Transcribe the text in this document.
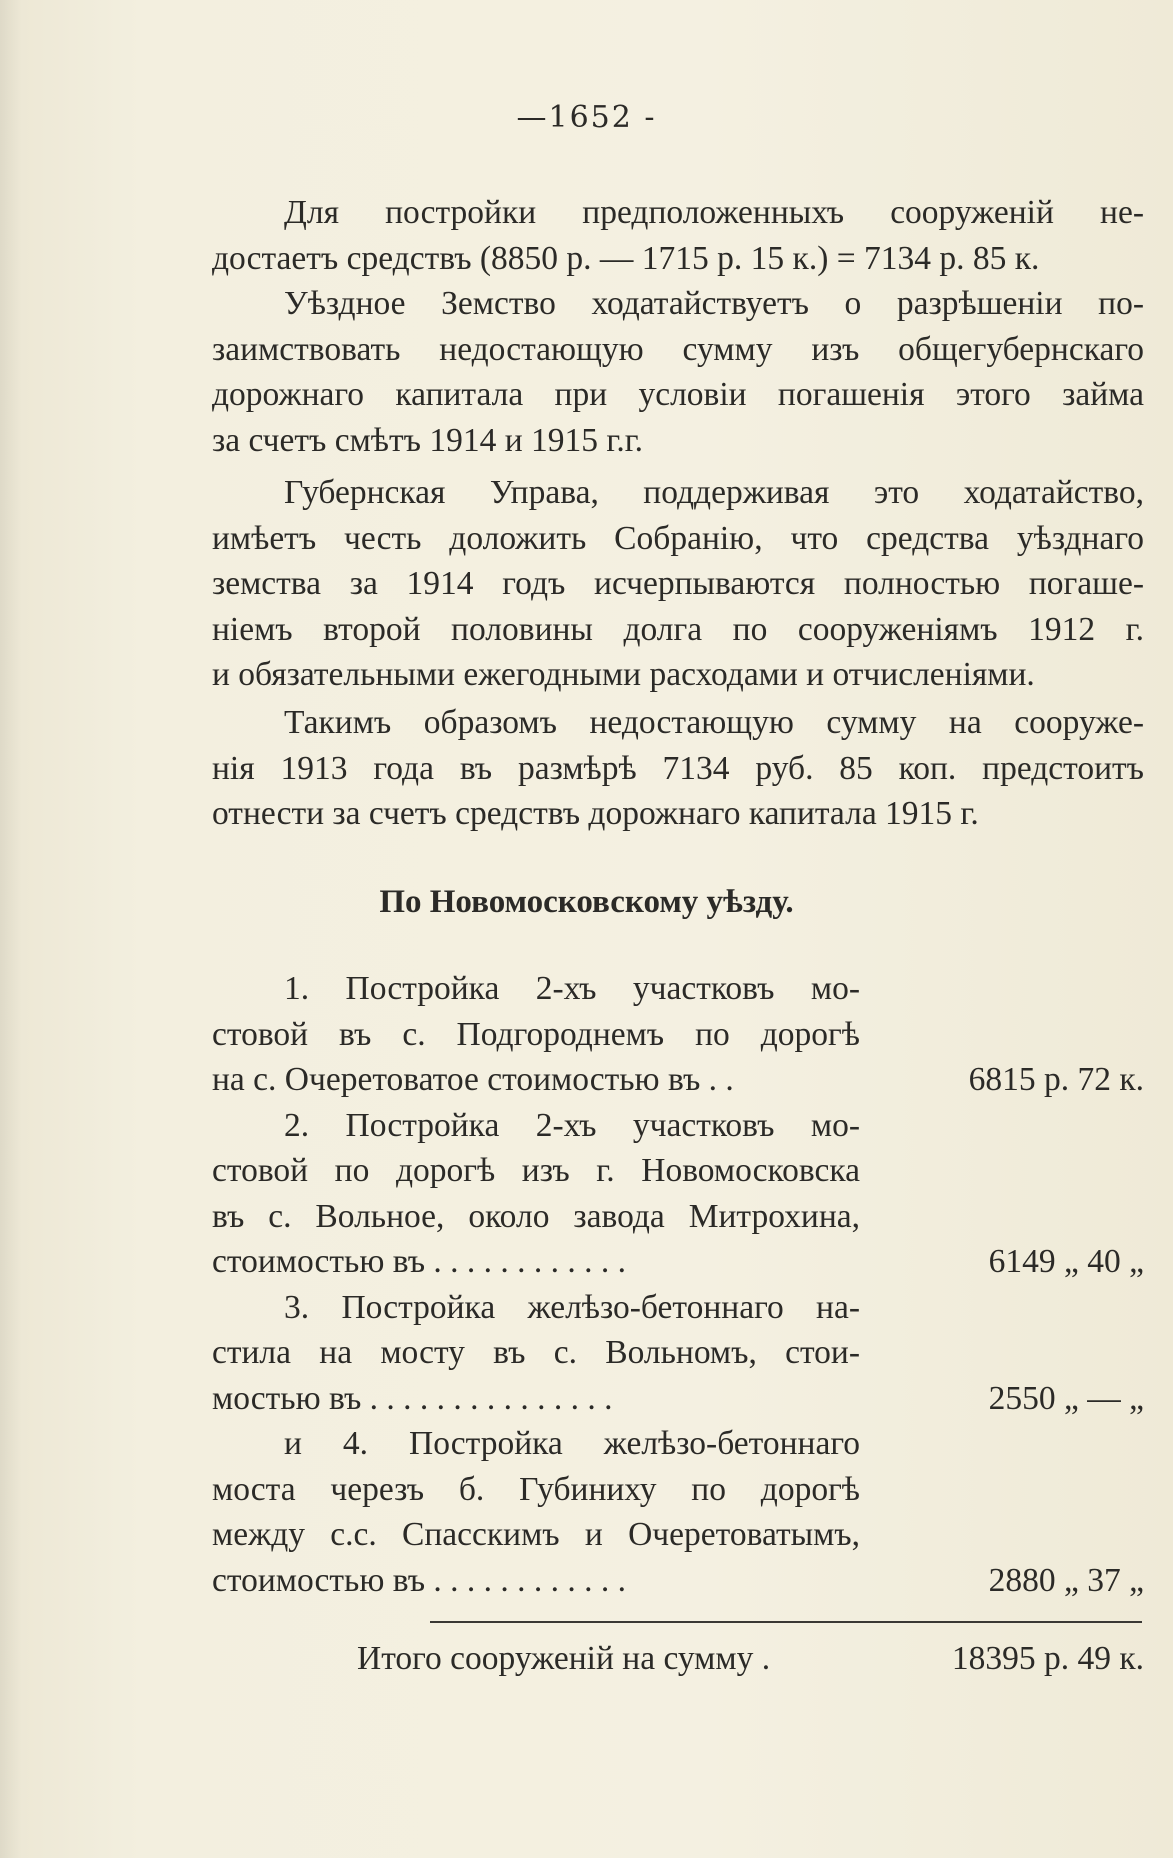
—1652 -
Для постройки предположенныхъ сооруженій не-
достаетъ средствъ (8850 р. — 1715 р. 15 к.) = 7134 р. 85 к.
Уѣздное Земство ходатайствуетъ о разрѣшеніи по-
заимствовать недостающую сумму изъ общегубернскаго
дорожнаго капитала при условіи погашенія этого займа
за счетъ смѣтъ 1914 и 1915 г.г.
Губернская Управа, поддерживая это ходатайство,
имѣетъ честь доложить Собранію, что средства уѣзднаго
земства за 1914 годъ исчерпываются полностью погаше-
ніемъ второй половины долга по сооруженіямъ 1912 г.
и обязательными ежегодными расходами и отчисленіями.
Такимъ образомъ недостающую сумму на сооруже-
нія 1913 года въ размѣрѣ 7134 руб. 85 коп. предстоитъ
отнести за счетъ средствъ дорожнаго капитала 1915 г.
По Новомосковскому уѣзду.
1. Постройка 2-хъ участковъ мо-
стовой въ с. Подгороднемъ по дорогѣ
на с. Очеретоватое стоимостью въ . .	6815 р. 72 к.
2. Постройка 2-хъ участковъ мо-
стовой по дорогѣ изъ г. Новомосковска
въ с. Вольное, около завода Митрохина,
стоимостью въ . . . . . . . . . . . .	6149 „ 40 „
3. Постройка желѣзо-бетоннаго на-
стила на мосту въ с. Вольномъ, стои-
мостью въ . . . . . . . . . . . . . . .	2550 „ — „
и 4. Постройка желѣзо-бетоннаго
моста черезъ б. Губиниху по дорогѣ
между с.с. Спасскимъ и Очеретоватымъ,
стоимостью въ . . . . . . . . . . . .	2880 „ 37 „
Итого сооруженій на сумму .	18395 р. 49 к.
